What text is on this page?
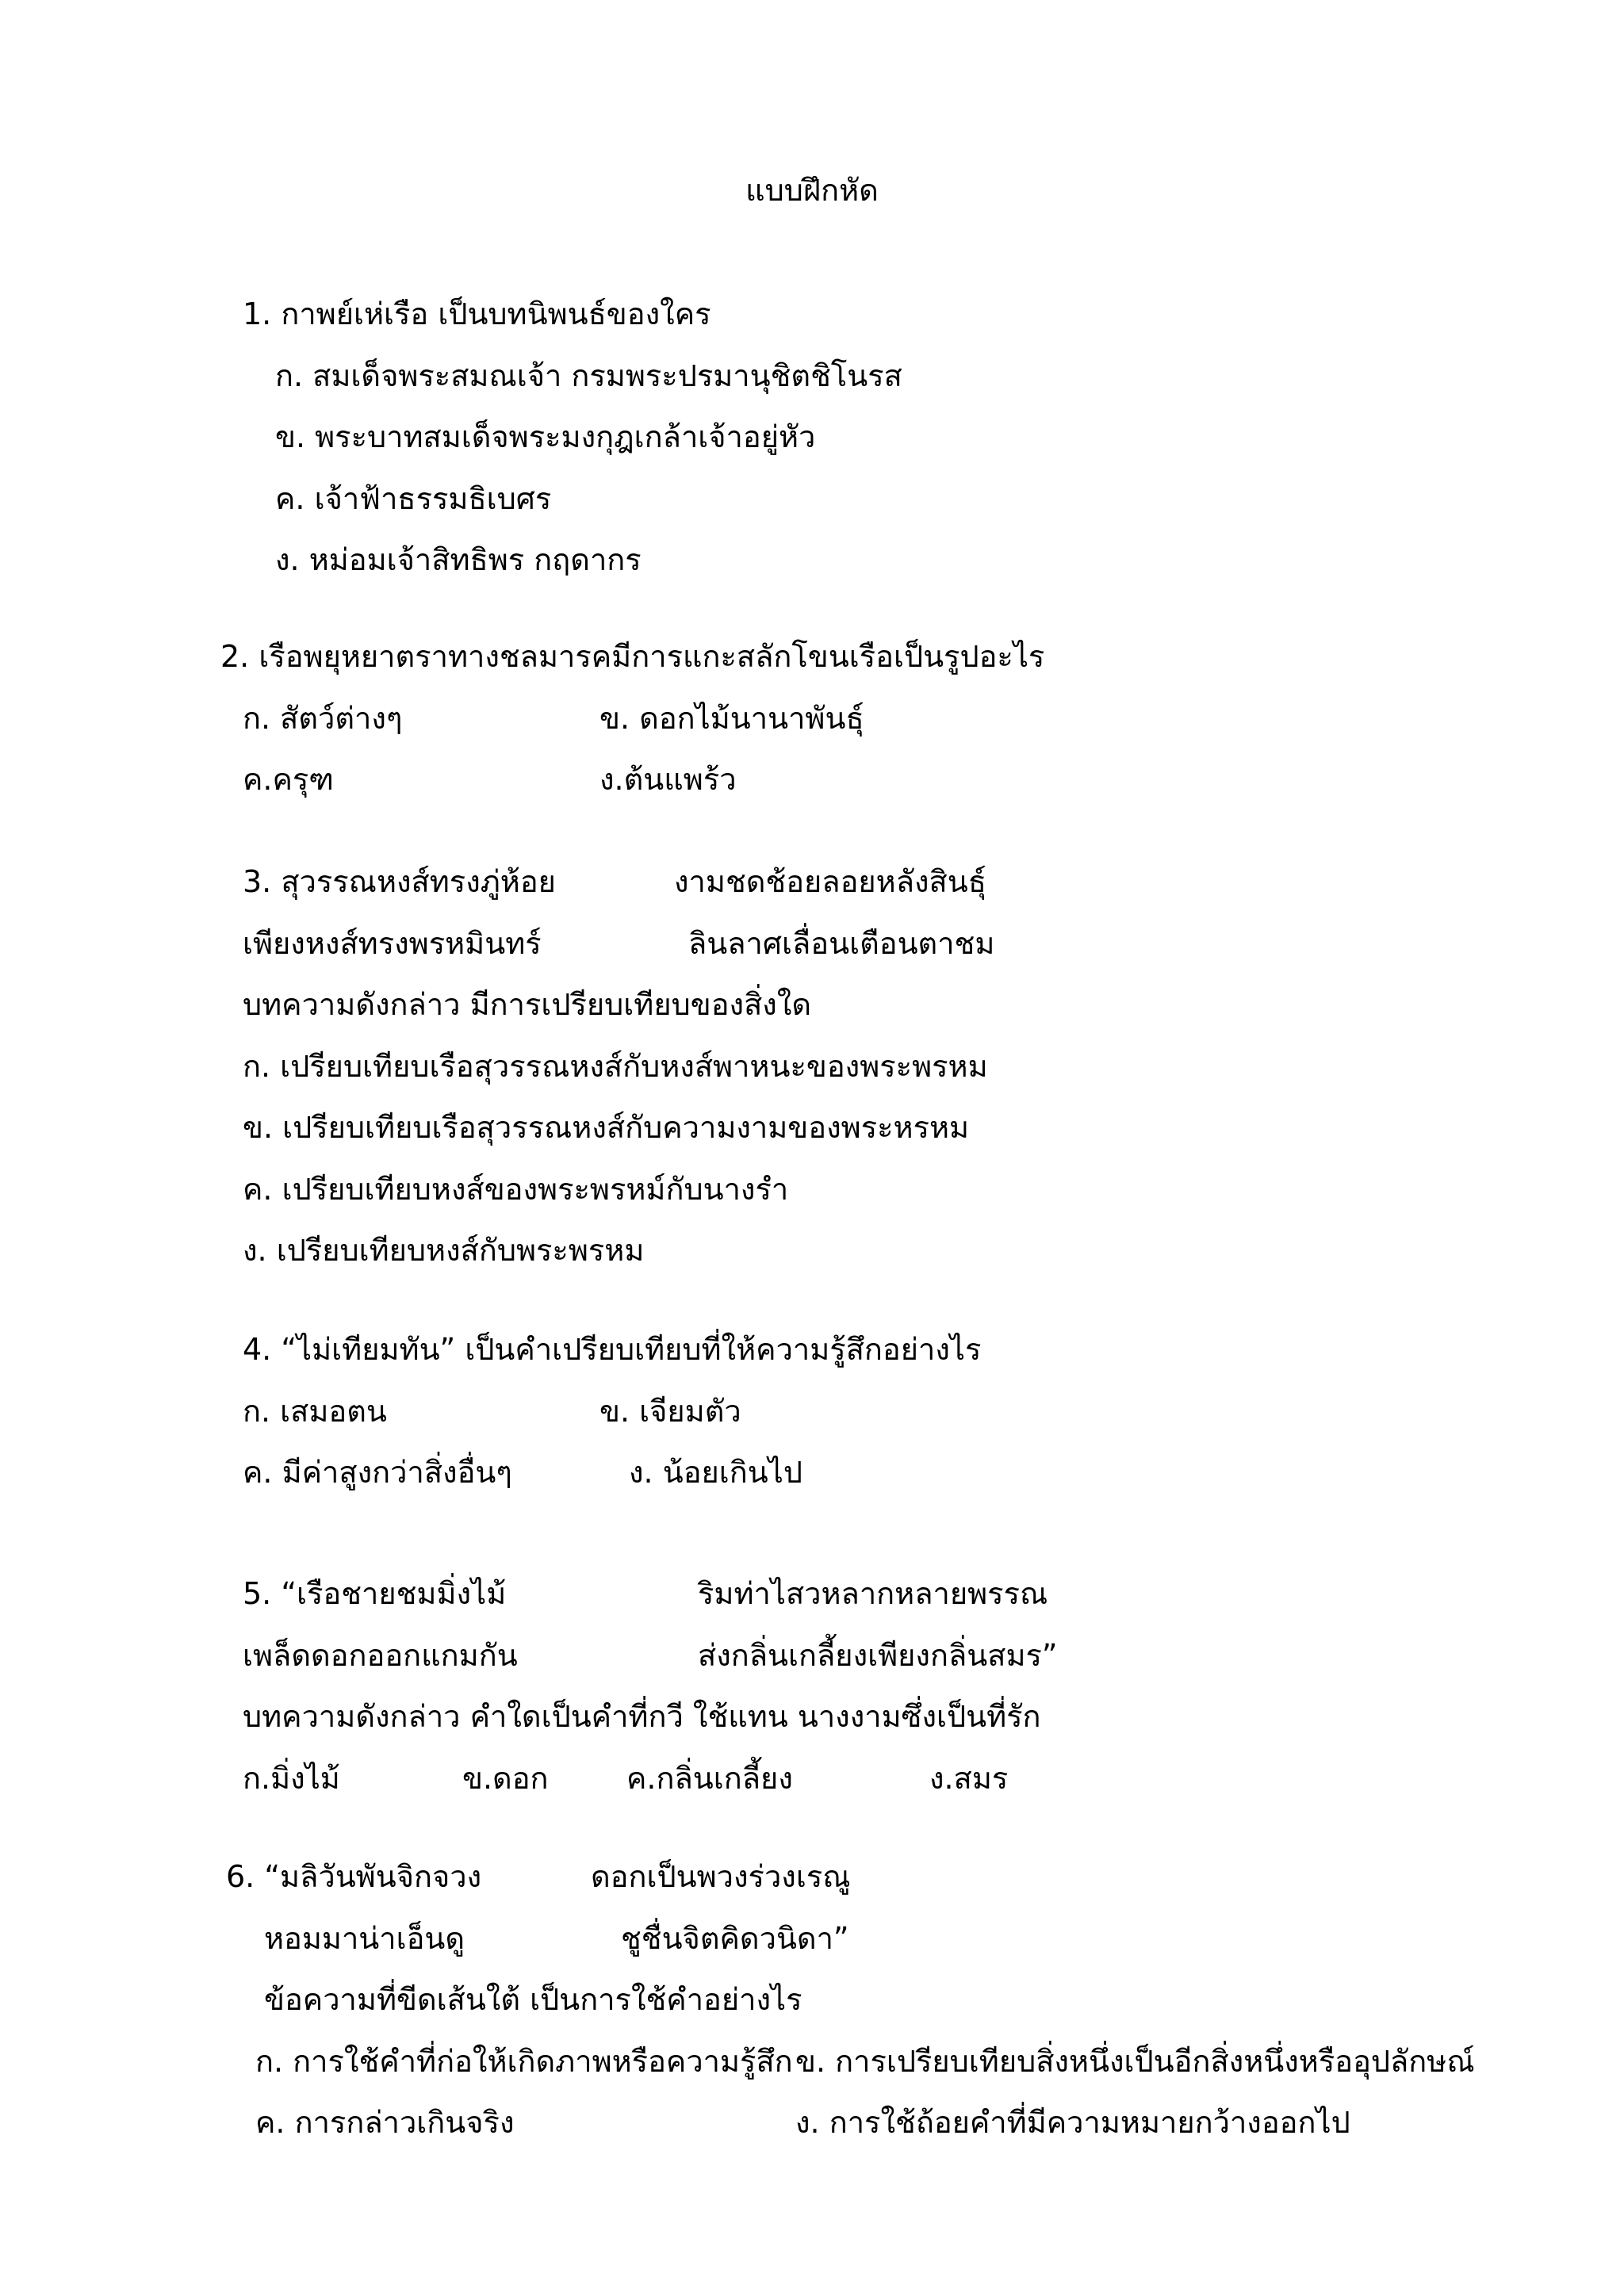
แบบฝึกหัด
1. กาพย์เห่เรือ เป็นบทนิพนธ์ของใคร
ก. สมเด็จพระสมณเจ้า กรมพระปรมานุชิตชิโนรส
ข. พระบาทสมเด็จพระมงกุฎเกล้าเจ้าอยู่หัว
ค. เจ้าฟ้าธรรมธิเบศร
ง. หม่อมเจ้าสิทธิพร กฤดากร
2. เรือพยุหยาตราทางชลมารคมีการแกะสลักโขนเรือเป็นรูปอะไร
ก. สัตว์ต่างๆ	ข. ดอกไม้นานาพันธุ์
ค.ครุฑ	ง.ต้นแพร้ว
3. สุวรรณหงส์ทรงภู่ห้อย	งามชดช้อยลอยหลังสินธุ์
เพียงหงส์ทรงพรหมินทร์	ลินลาศเลื่อนเตือนตาชม
บทความดังกล่าว มีการเปรียบเทียบของสิ่งใด
ก. เปรียบเทียบเรือสุวรรณหงส์กับหงส์พาหนะของพระพรหม
ข. เปรียบเทียบเรือสุวรรณหงส์กับความงามของพระหรหม
ค. เปรียบเทียบหงส์ของพระพรหม์กับนางรำ
ง. เปรียบเทียบหงส์กับพระพรหม
4. “ไม่เทียมทัน” เป็นคำเปรียบเทียบที่ให้ความรู้สึกอย่างไร
ก. เสมอตน	ข. เจียมตัว
ค. มีค่าสูงกว่าสิ่งอื่นๆ	ง. น้อยเกินไป
5. “เรือชายชมมิ่งไม้	ริมท่าไสวหลากหลายพรรณ
เพล็ดดอกออกแกมกัน	ส่งกลิ่นเกลี้ยงเพียงกลิ่นสมร”
บทความดังกล่าว คำใดเป็นคำที่กวี ใช้แทน นางงามซึ่งเป็นที่รัก
ก.มิ่งไม้	ข.ดอก	ค.กลิ่นเกลี้ยง	ง.สมร
6. “มลิวันพันจิกจวง	ดอกเป็นพวงร่วงเรณู
หอมมาน่าเอ็นดู	ชูชื่นจิตคิดวนิดา”
ข้อความที่ขีดเส้นใต้ เป็นการใช้คำอย่างไร
ก. การใช้คำที่ก่อให้เกิดภาพหรือความรู้สึก ข. การเปรียบเทียบสิ่งหนึ่งเป็นอีกสิ่งหนึ่งหรืออุปลักษณ์
ค. การกล่าวเกินจริง	ง. การใช้ถ้อยคำที่มีความหมายกว้างออกไป
